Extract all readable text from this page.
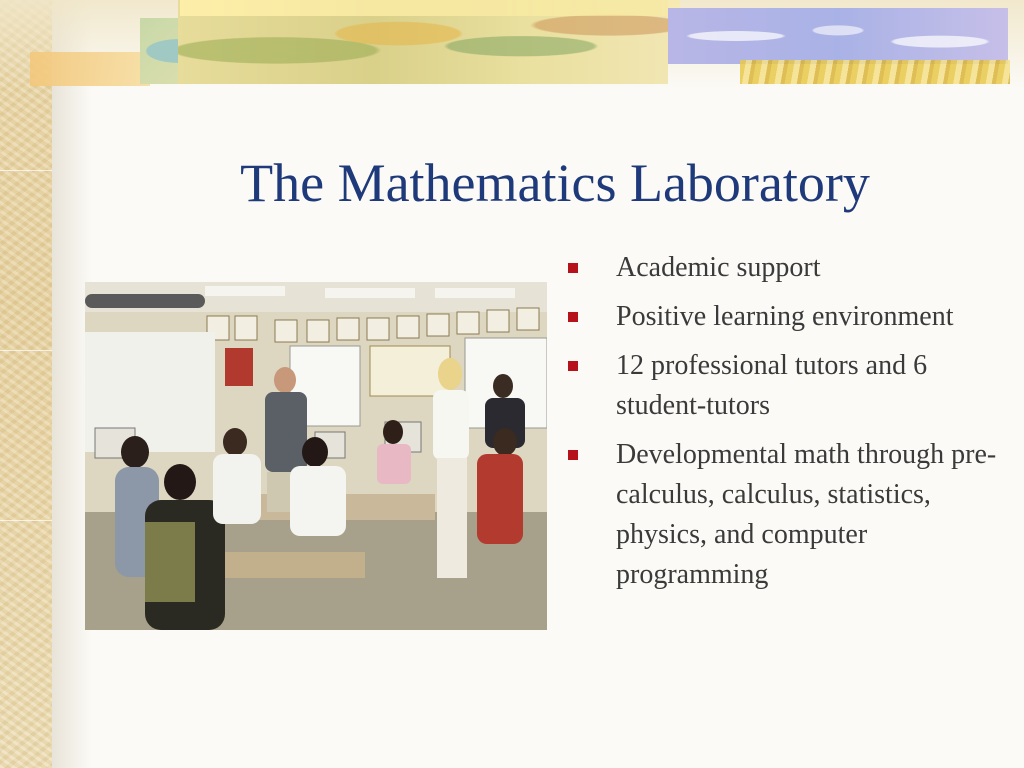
The Mathematics Laboratory
Academic support
Positive learning environment
12 professional tutors and 6 student-tutors
Developmental math through pre-calculus, calculus, statistics, physics, and computer programming
